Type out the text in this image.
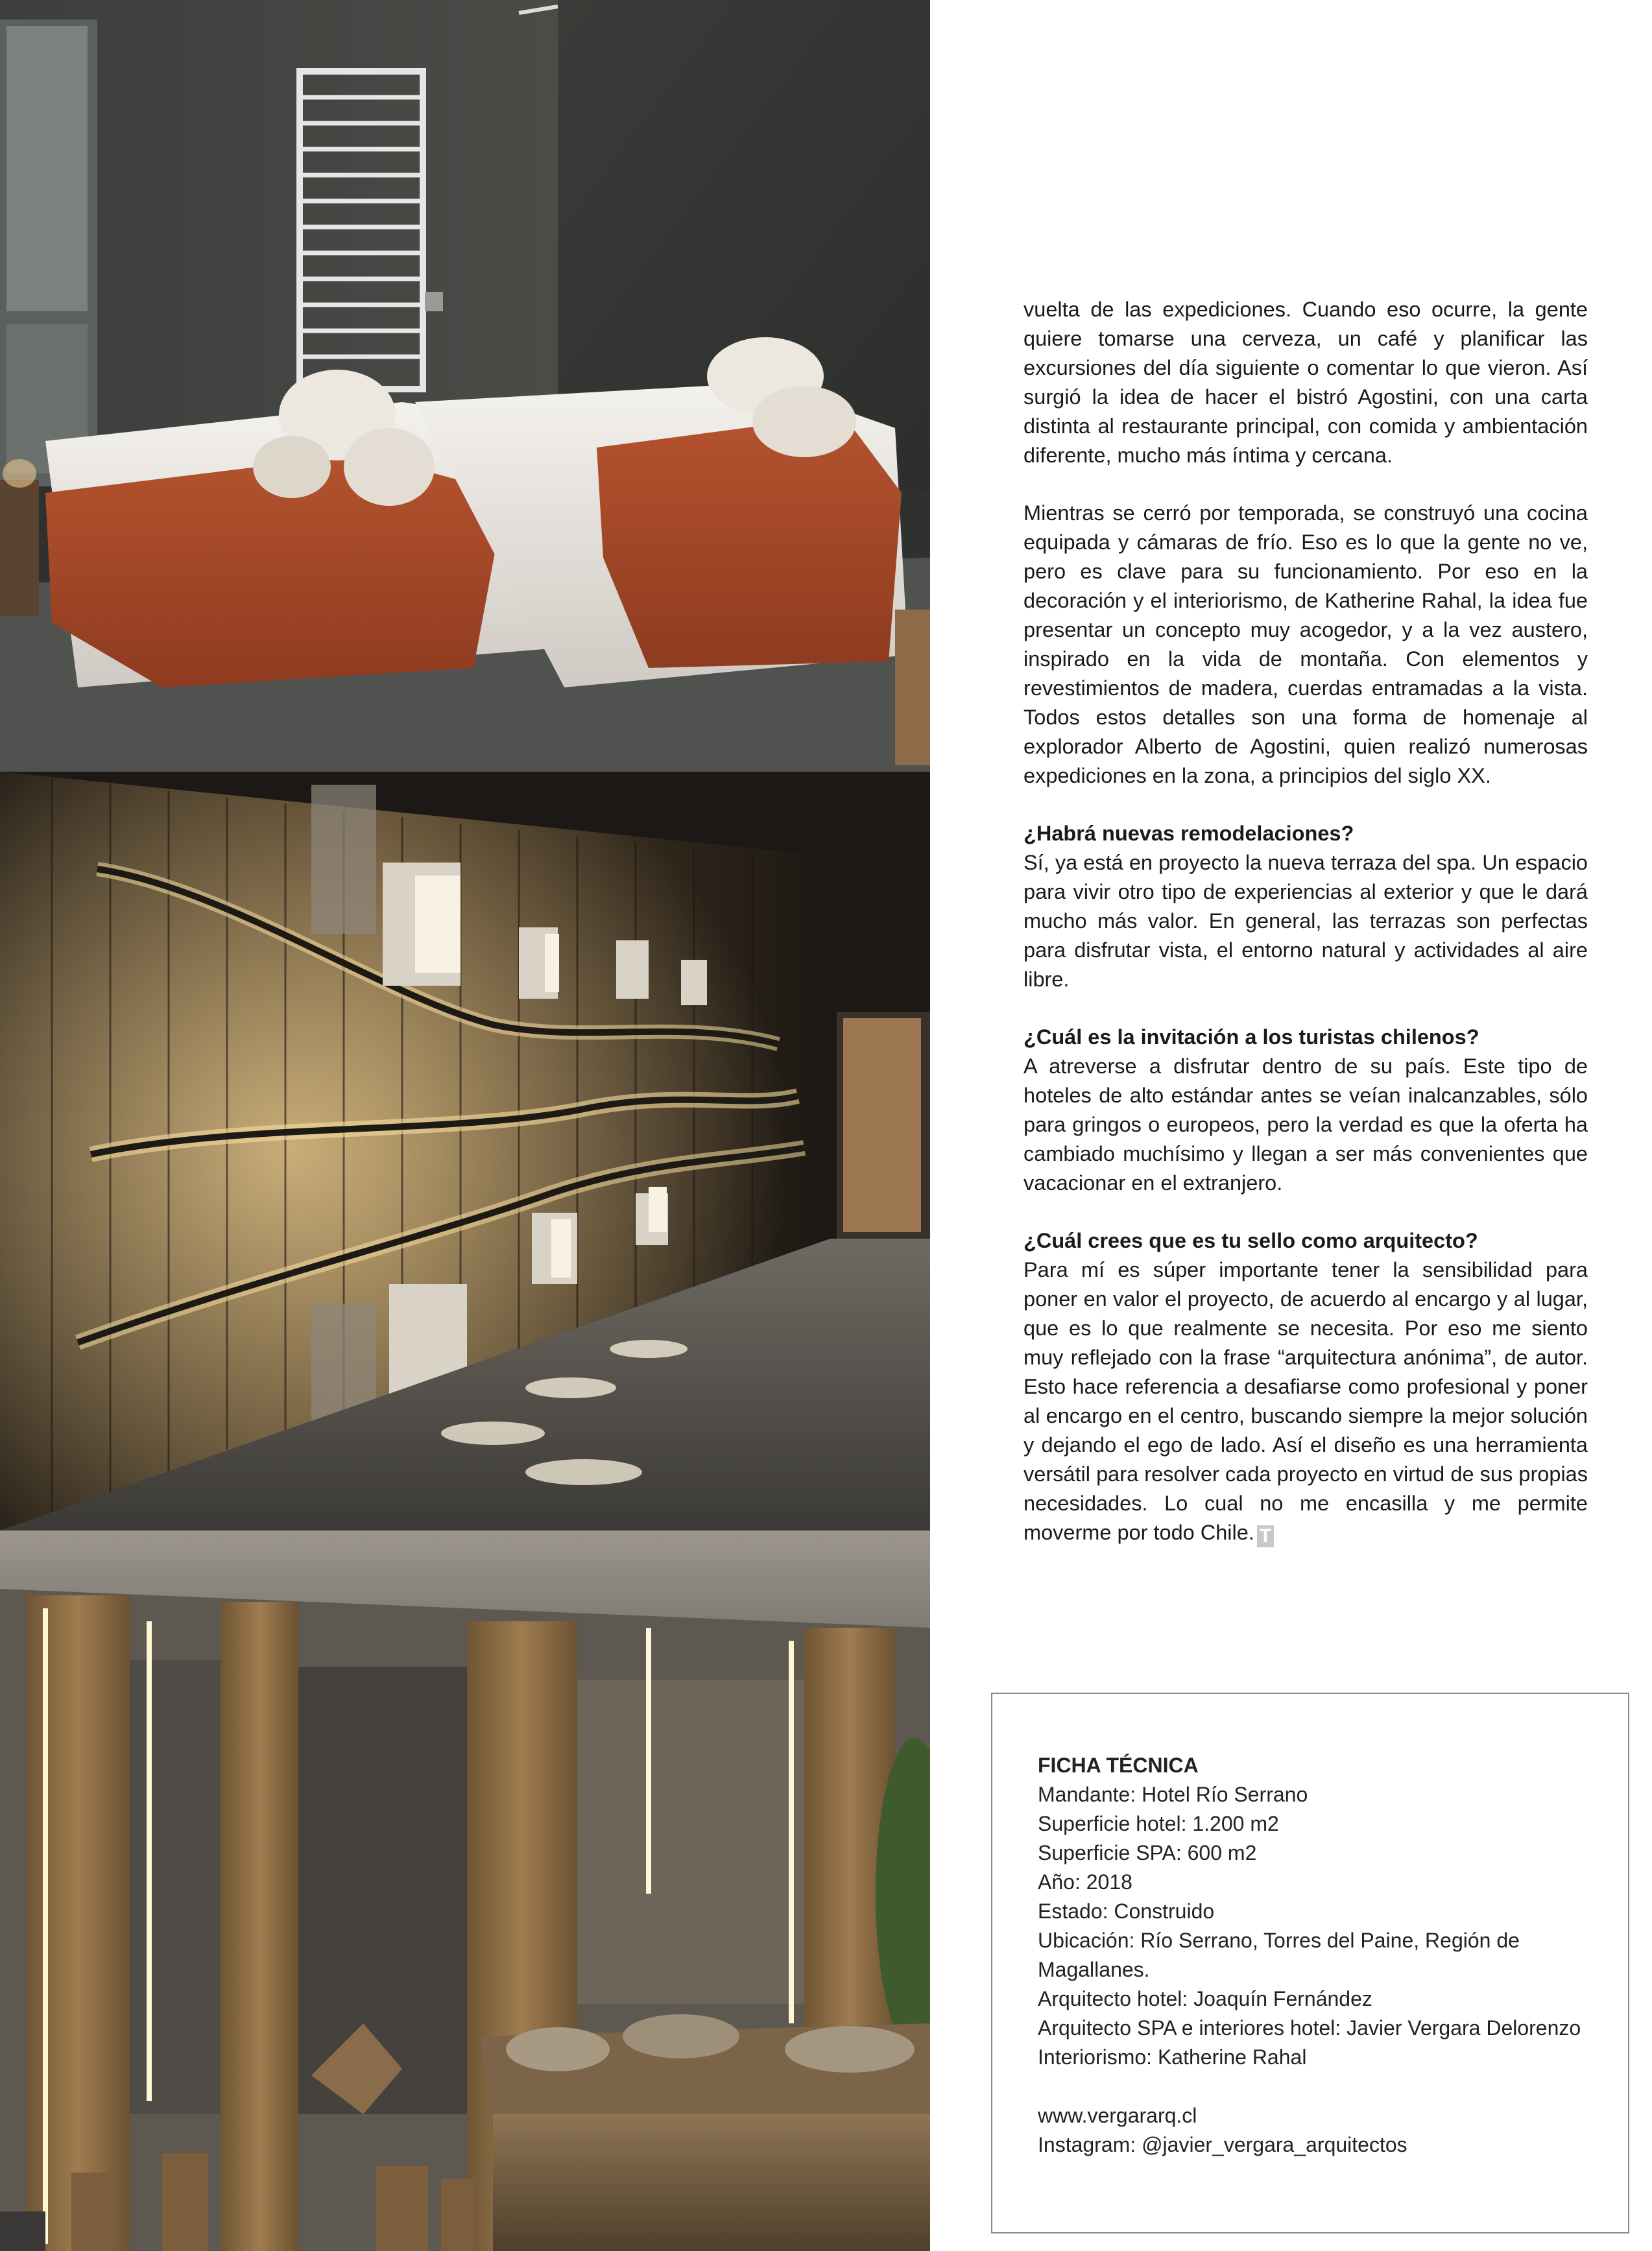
vuelta de las expediciones. Cuando eso ocurre, la gente quiere tomarse una cerveza, un café y planificar las excursiones del día siguiente o comentar lo que vieron. Así surgió la idea de hacer el bistró Agostini, con una carta distinta al restaurante principal, con comida y ambientación diferente, mucho más íntima y cercana.

Mientras se cerró por temporada, se construyó una cocina equipada y cámaras de frío. Eso es lo que la gente no ve, pero es clave para su funcionamiento. Por eso en la decoración y el interiorismo, de Katherine Rahal, la idea fue presentar un concepto muy acogedor, y a la vez austero, inspirado en la vida de montaña. Con elementos y revestimientos de madera, cuerdas entramadas a la vista. Todos estos detalles son una forma de homenaje al explorador Alberto de Agostini, quien realizó numerosas expediciones en la zona, a principios del siglo XX.

¿Habrá nuevas remodelaciones?
Sí, ya está en proyecto la nueva terraza del spa. Un espacio para vivir otro tipo de experiencias al exterior y que le dará mucho más valor. En general, las terrazas son perfectas para disfrutar vista, el entorno natural y actividades al aire libre.

¿Cuál es la invitación a los turistas chilenos?
A atreverse a disfrutar dentro de su país. Este tipo de hoteles de alto estándar antes se veían inalcanzables, sólo para gringos o europeos, pero la verdad es que la oferta ha cambiado muchísimo y llegan a ser más convenientes que vacacionar en el extranjero.

¿Cuál crees que es tu sello como arquitecto?
Para mí es súper importante tener la sensibilidad para poner en valor el proyecto, de acuerdo al encargo y al lugar, que es lo que realmente se necesita. Por eso me siento muy reflejado con la frase “arquitectura anónima”, de autor. Esto hace referencia a desafiarse como profesional y poner al encargo en el centro, buscando siempre la mejor solución y dejando el ego de lado. Así el diseño es una herramienta versátil para resolver cada proyecto en virtud de sus propias necesidades. Lo cual no me encasilla y me permite moverme por todo Chile. T

FICHA TÉCNICA
Mandante: Hotel Río Serrano
Superficie hotel: 1.200 m2
Superficie SPA: 600 m2
Año: 2018
Estado: Construido
Ubicación: Río Serrano, Torres del Paine, Región de Magallanes.
Arquitecto hotel: Joaquín Fernández
Arquitecto SPA e interiores hotel: Javier Vergara Delorenzo
Interiorismo: Katherine Rahal
www.vergararq.cl
Instagram: @javier_vergara_arquitectos
